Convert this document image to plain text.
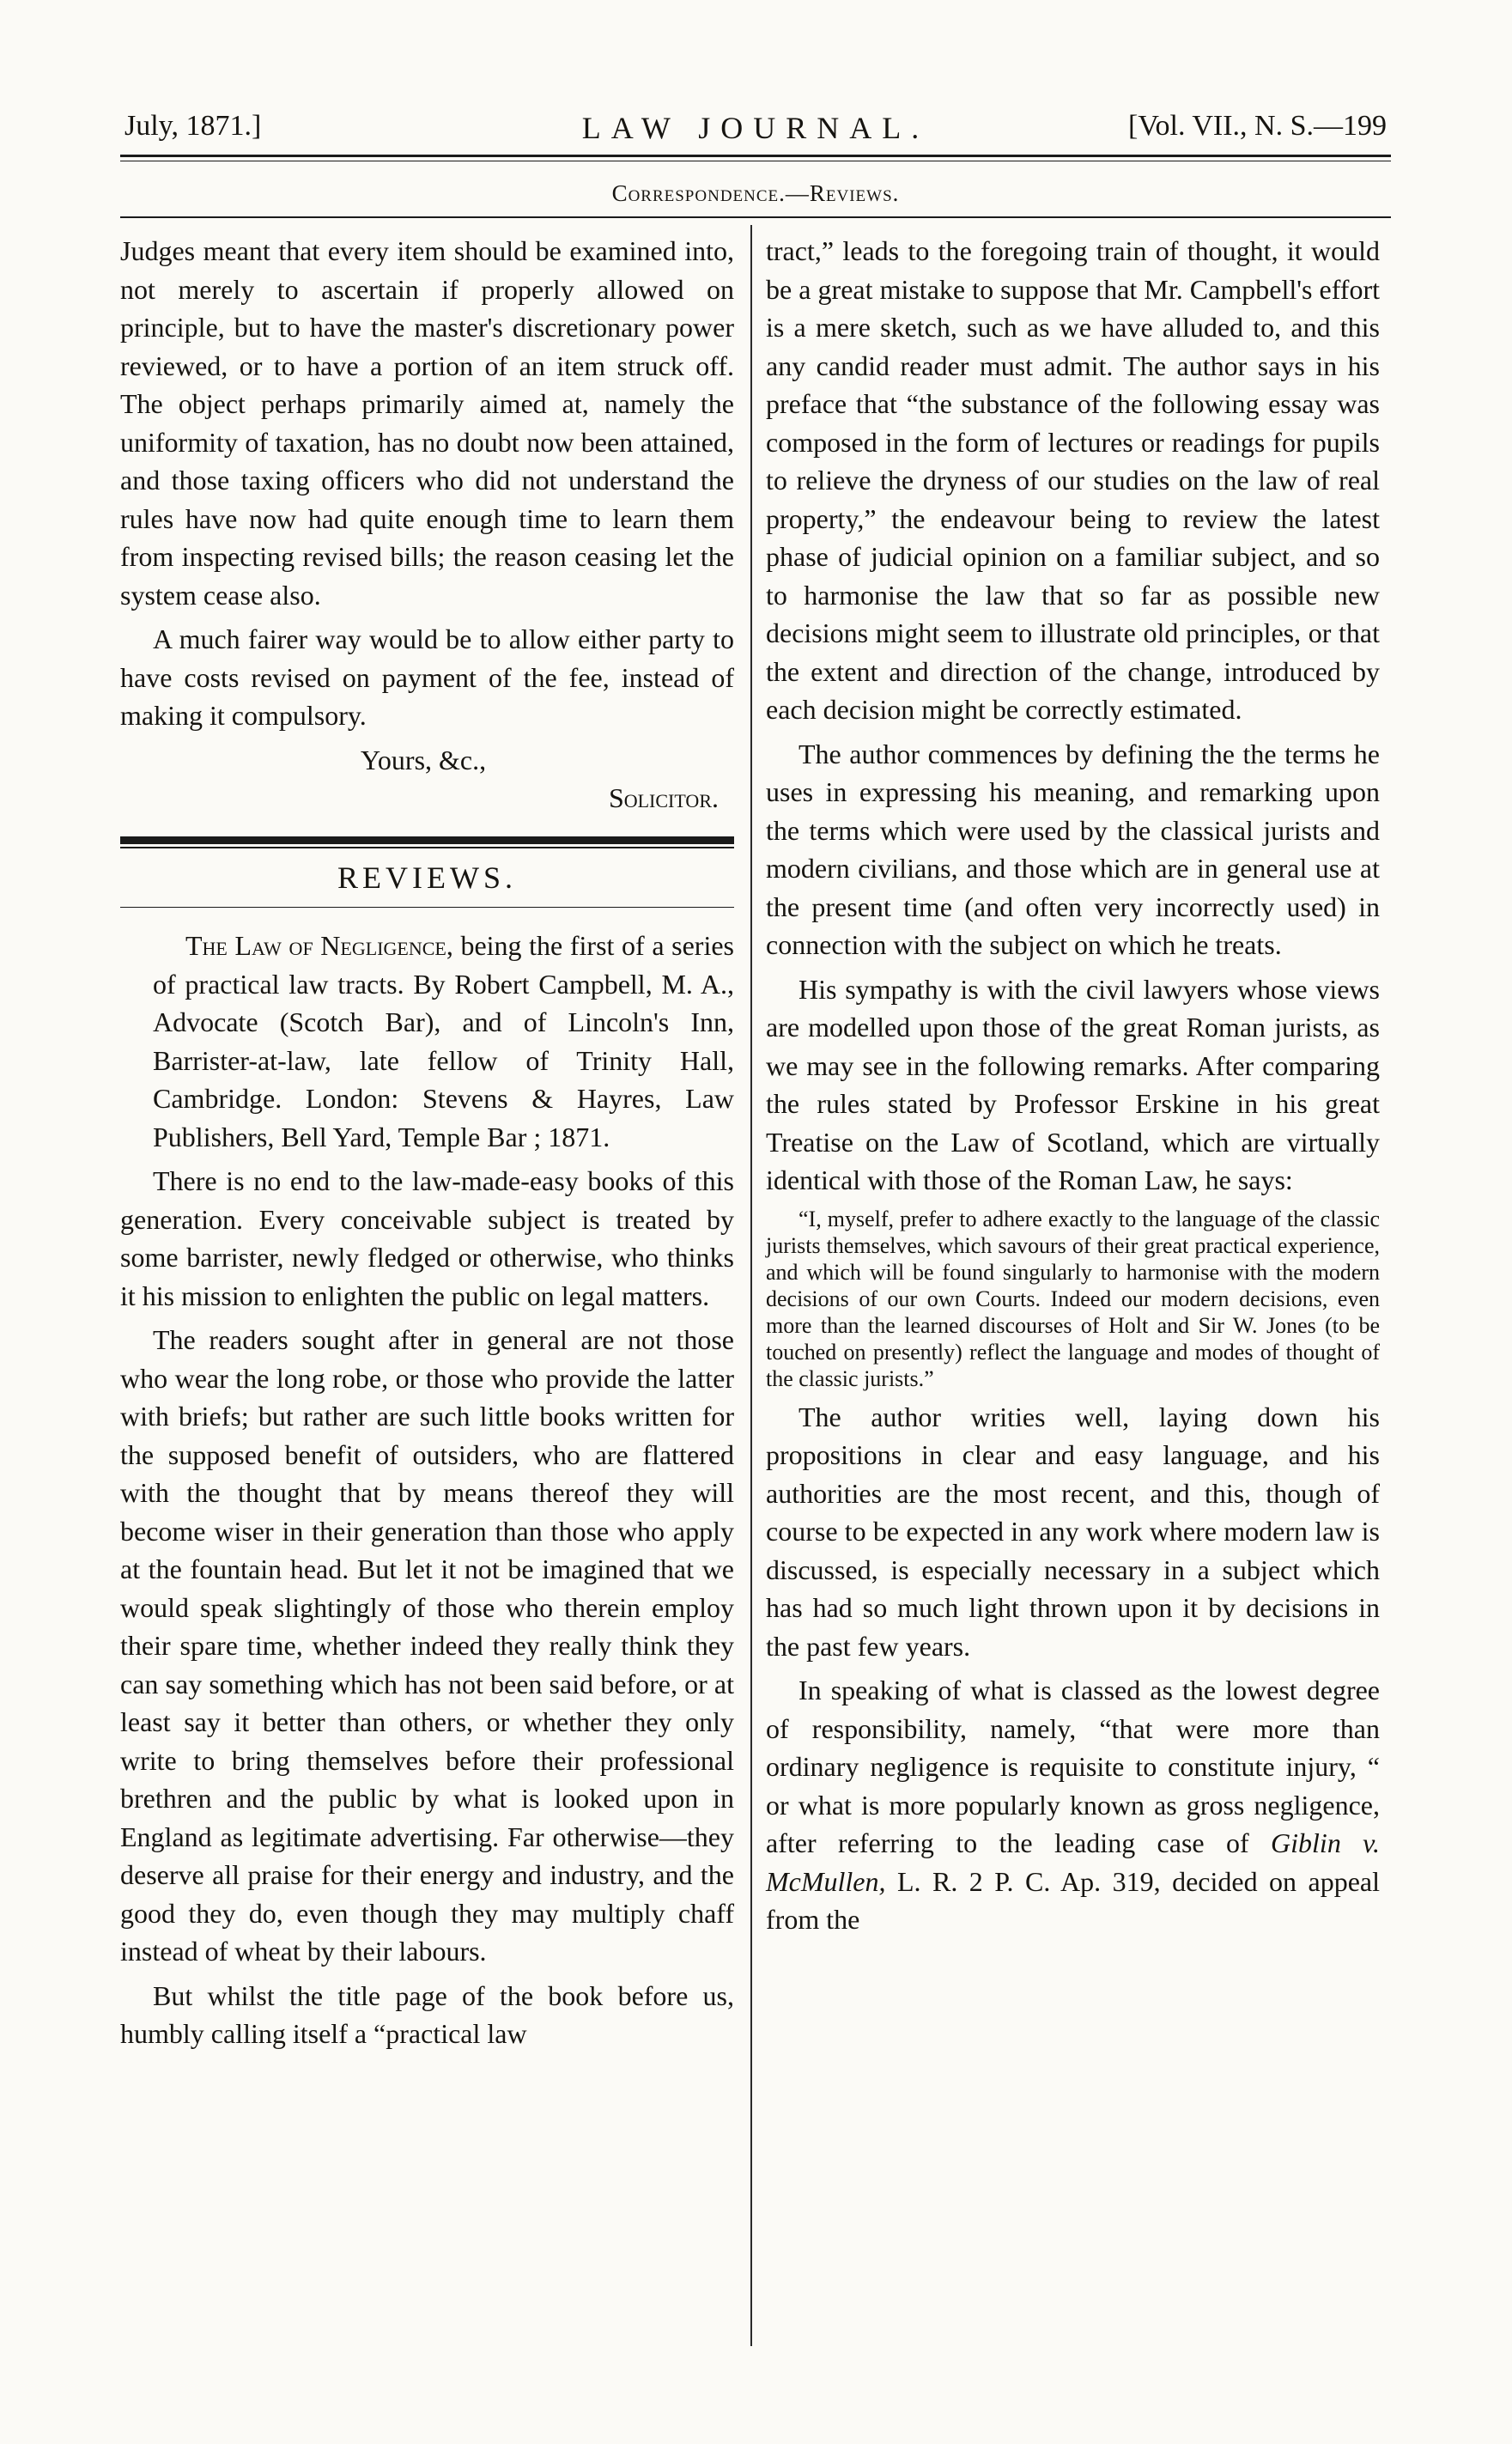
July, 1871.]	LAW JOURNAL.	[Vol. VII., N. S.—199
Correspondence.—Reviews.

Judges meant that every item should be examined into, not merely to ascertain if properly allowed on principle, but to have the master's discretionary power reviewed, or to have a portion of an item struck off. The object perhaps primarily aimed at, namely the uniformity of taxation, has no doubt now been attained, and those taxing officers who did not understand the rules have now had quite enough time to learn them from inspecting revised bills; the reason ceasing let the system cease also.

A much fairer way would be to allow either party to have costs revised on payment of the fee, instead of making it compulsory.

Yours, &c.,
Solicitor.
REVIEWS.

The Law of Negligence, being the first of a series of practical law tracts. By Robert Campbell, M. A., Advocate (Scotch Bar), and of Lincoln's Inn, Barrister-at-law, late fellow of Trinity Hall, Cambridge. London: Stevens & Hayres, Law Publishers, Bell Yard, Temple Bar ; 1871.

There is no end to the law-made-easy books of this generation. Every conceivable subject is treated by some barrister, newly fledged or otherwise, who thinks it his mission to enlighten the public on legal matters.

The readers sought after in general are not those who wear the long robe, or those who provide the latter with briefs; but rather are such little books written for the supposed benefit of outsiders, who are flattered with the thought that by means thereof they will become wiser in their generation than those who apply at the fountain head. But let it not be imagined that we would speak slightingly of those who therein employ their spare time, whether indeed they really think they can say something which has not been said before, or at least say it better than others, or whether they only write to bring themselves before their professional brethren and the public by what is looked upon in England as legitimate advertising. Far otherwise—they deserve all praise for their energy and industry, and the good they do, even though they may multiply chaff instead of wheat by their labours.

But whilst the title page of the book before us, humbly calling itself a “practical law

tract,” leads to the foregoing train of thought, it would be a great mistake to suppose that Mr. Campbell's effort is a mere sketch, such as we have alluded to, and this any candid reader must admit. The author says in his preface that “the substance of the following essay was composed in the form of lectures or readings for pupils to relieve the dryness of our studies on the law of real property,” the endeavour being to review the latest phase of judicial opinion on a familiar subject, and so to harmonise the law that so far as possible new decisions might seem to illustrate old principles, or that the extent and direction of the change, introduced by each decision might be correctly estimated.

The author commences by defining the the terms he uses in expressing his meaning, and remarking upon the terms which were used by the classical jurists and modern civilians, and those which are in general use at the present time (and often very incorrectly used) in connection with the subject on which he treats.

His sympathy is with the civil lawyers whose views are modelled upon those of the great Roman jurists, as we may see in the following remarks. After comparing the rules stated by Professor Erskine in his great Treatise on the Law of Scotland, which are virtually identical with those of the Roman Law, he says:

“I, myself, prefer to adhere exactly to the language of the classic jurists themselves, which savours of their great practical experience, and which will be found singularly to harmonise with the modern decisions of our own Courts. Indeed our modern decisions, even more than the learned discourses of Holt and Sir W. Jones (to be touched on presently) reflect the language and modes of thought of the classic jurists.”

The author writies well, laying down his propositions in clear and easy language, and his authorities are the most recent, and this, though of course to be expected in any work where modern law is discussed, is especially necessary in a subject which has had so much light thrown upon it by decisions in the past few years.

In speaking of what is classed as the lowest degree of responsibility, namely, “that were more than ordinary negligence is requisite to constitute injury, “ or what is more popularly known as gross negligence, after referring to the leading case of Giblin v. McMullen, L. R. 2 P. C. Ap. 319, decided on appeal from the
